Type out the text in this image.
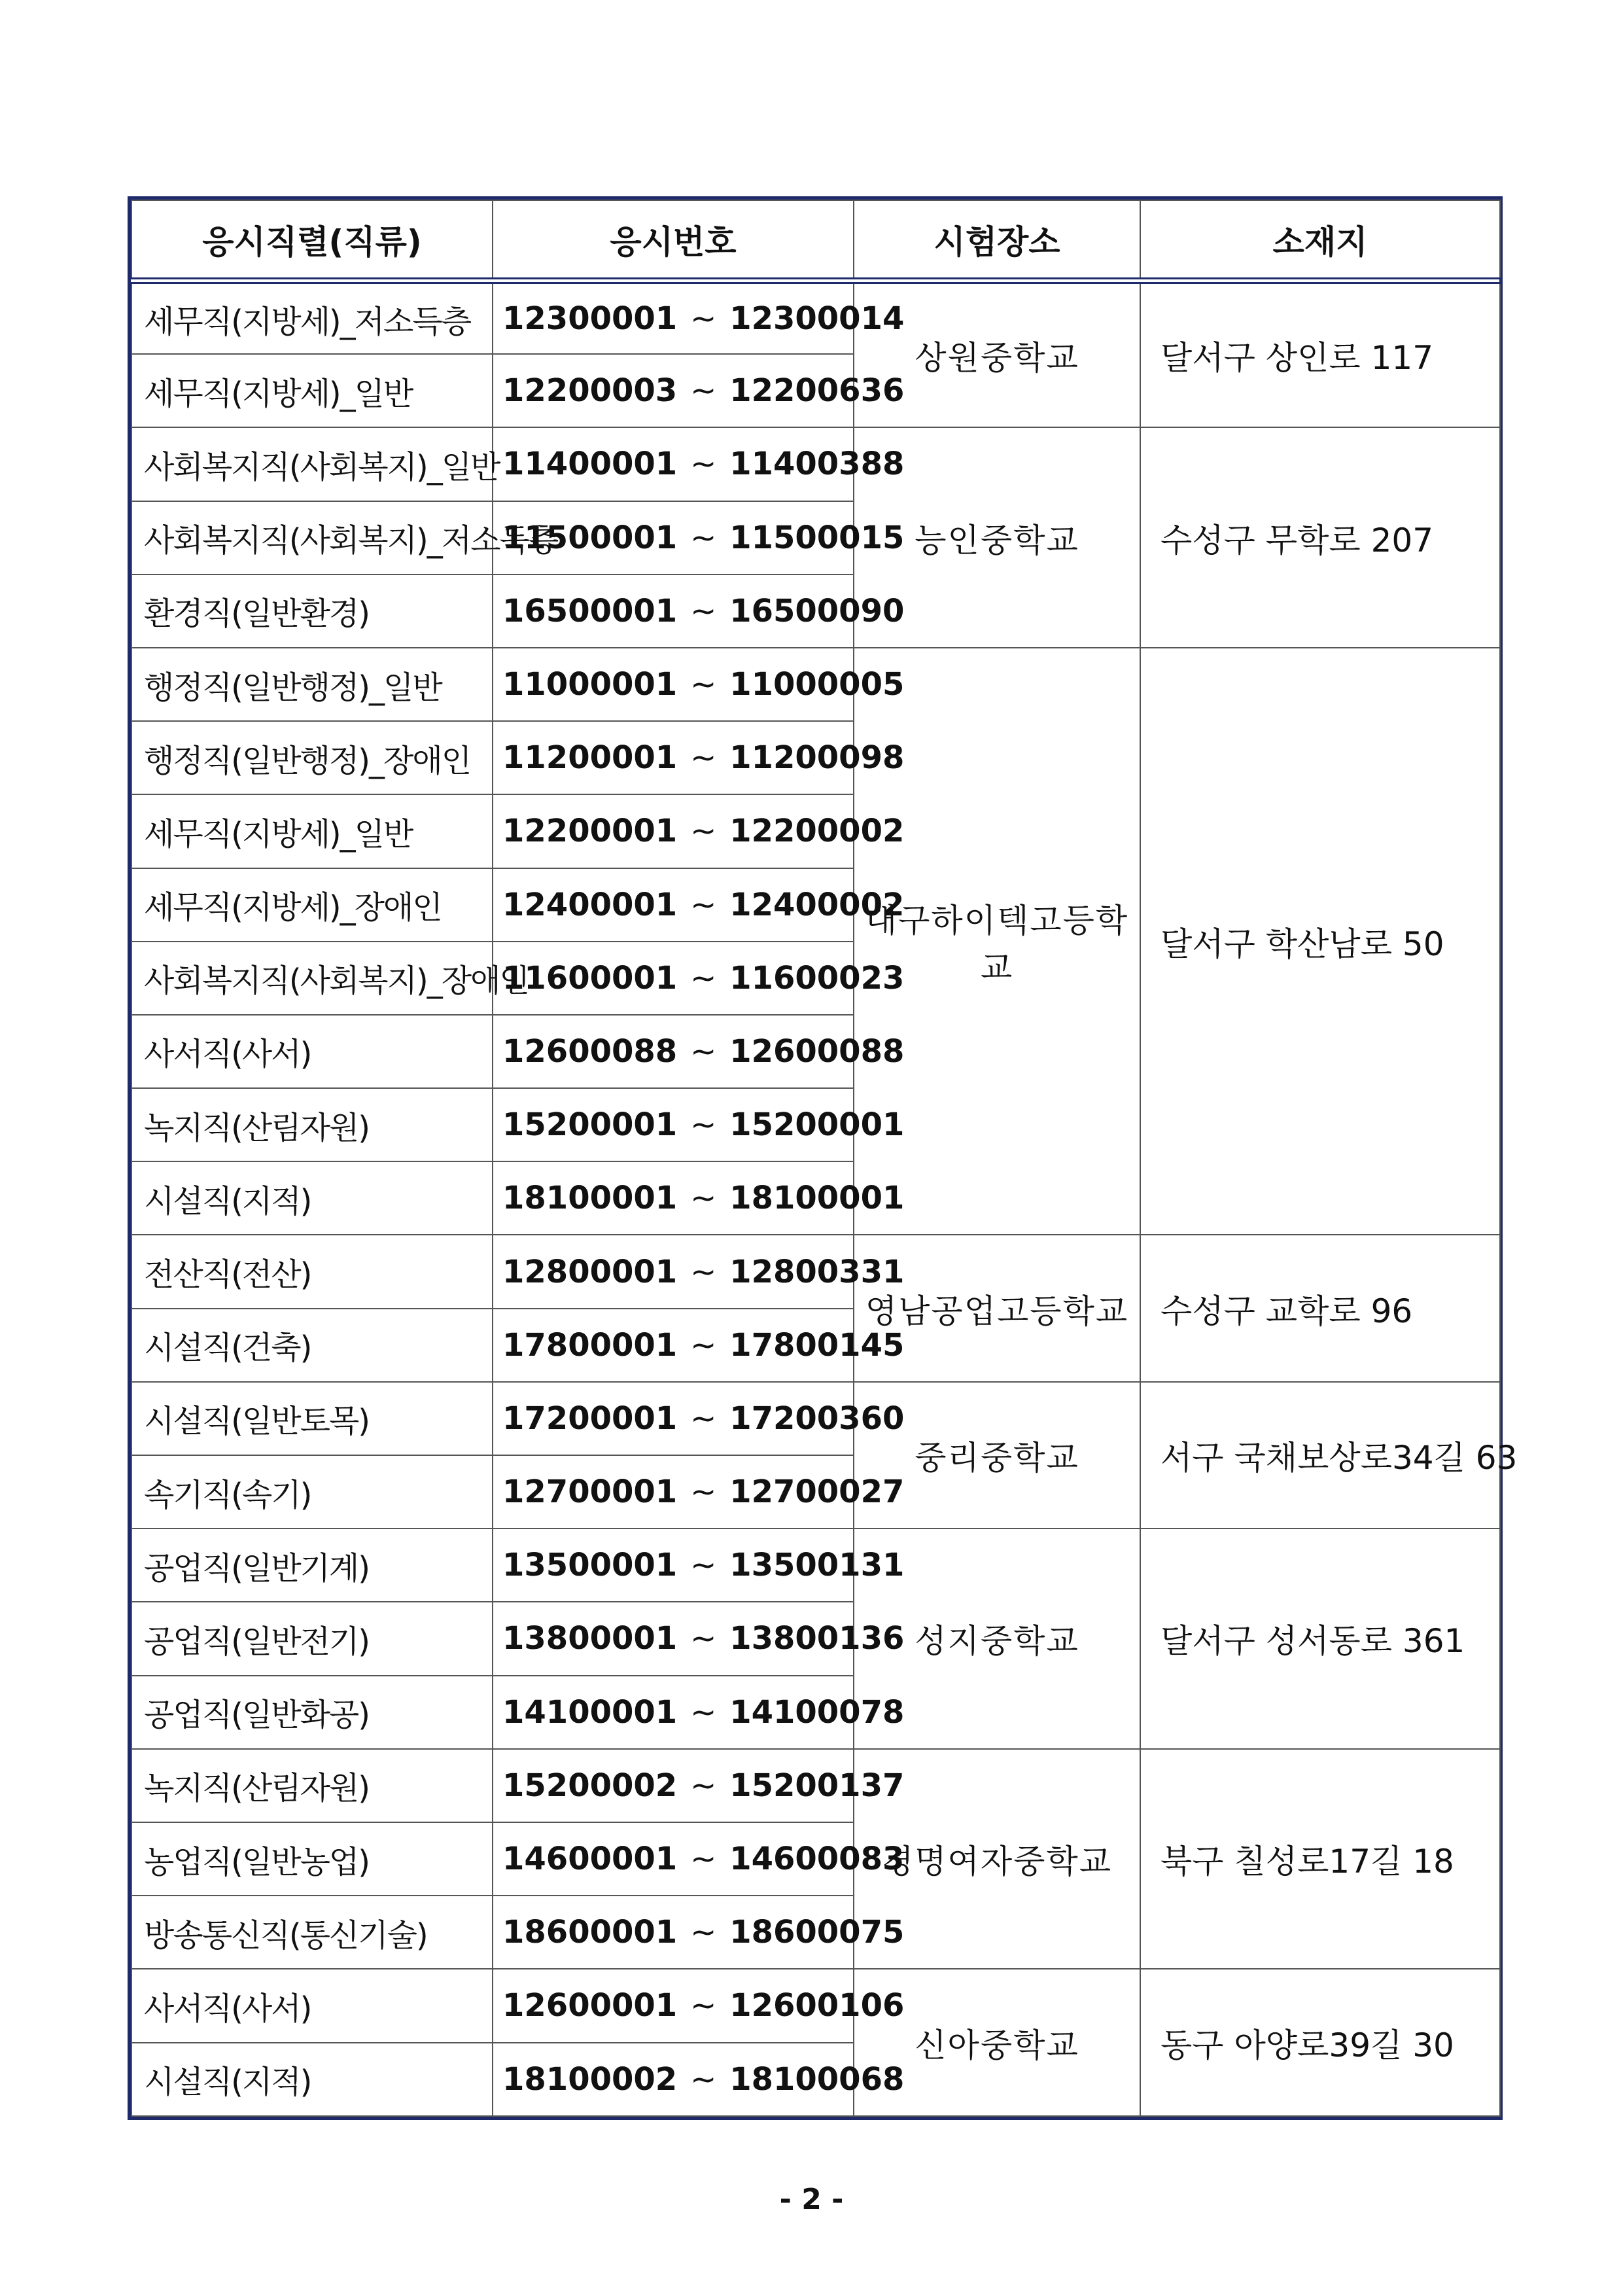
응시직렬(직류)	응시번호	시험장소	소재지
세무직(지방세)_저소득층	12300001 ~ 12300014	상원중학교	달서구 상인로 117
세무직(지방세)_일반	12200003 ~ 12200636		
사회복지직(사회복지)_일반	11400001 ~ 11400388	능인중학교	수성구 무학로 207
사회복지직(사회복지)_저소득층	11500001 ~ 11500015		
환경직(일반환경)	16500001 ~ 16500090		
행정직(일반행정)_일반	11000001 ~ 11000005	대구하이텍고등학교	달서구 학산남로 50
행정직(일반행정)_장애인	11200001 ~ 11200098		
세무직(지방세)_일반	12200001 ~ 12200002		
세무직(지방세)_장애인	12400001 ~ 12400002		
사회복지직(사회복지)_장애인	11600001 ~ 11600023		
사서직(사서)	12600088 ~ 12600088		
녹지직(산림자원)	15200001 ~ 15200001		
시설직(지적)	18100001 ~ 18100001		
전산직(전산)	12800001 ~ 12800331	영남공업고등학교	수성구 교학로 96
시설직(건축)	17800001 ~ 17800145		
시설직(일반토목)	17200001 ~ 17200360	중리중학교	서구 국채보상로34길 63
속기직(속기)	12700001 ~ 12700027		
공업직(일반기계)	13500001 ~ 13500131	성지중학교	달서구 성서동로 361
공업직(일반전기)	13800001 ~ 13800136		
공업직(일반화공)	14100001 ~ 14100078		
녹지직(산림자원)	15200002 ~ 15200137	경명여자중학교	북구 칠성로17길 18
농업직(일반농업)	14600001 ~ 14600083		
방송통신직(통신기술)	18600001 ~ 18600075		
사서직(사서)	12600001 ~ 12600106	신아중학교	동구 아양로39길 30
시설직(지적)	18100002 ~ 18100068		
- 2 -
